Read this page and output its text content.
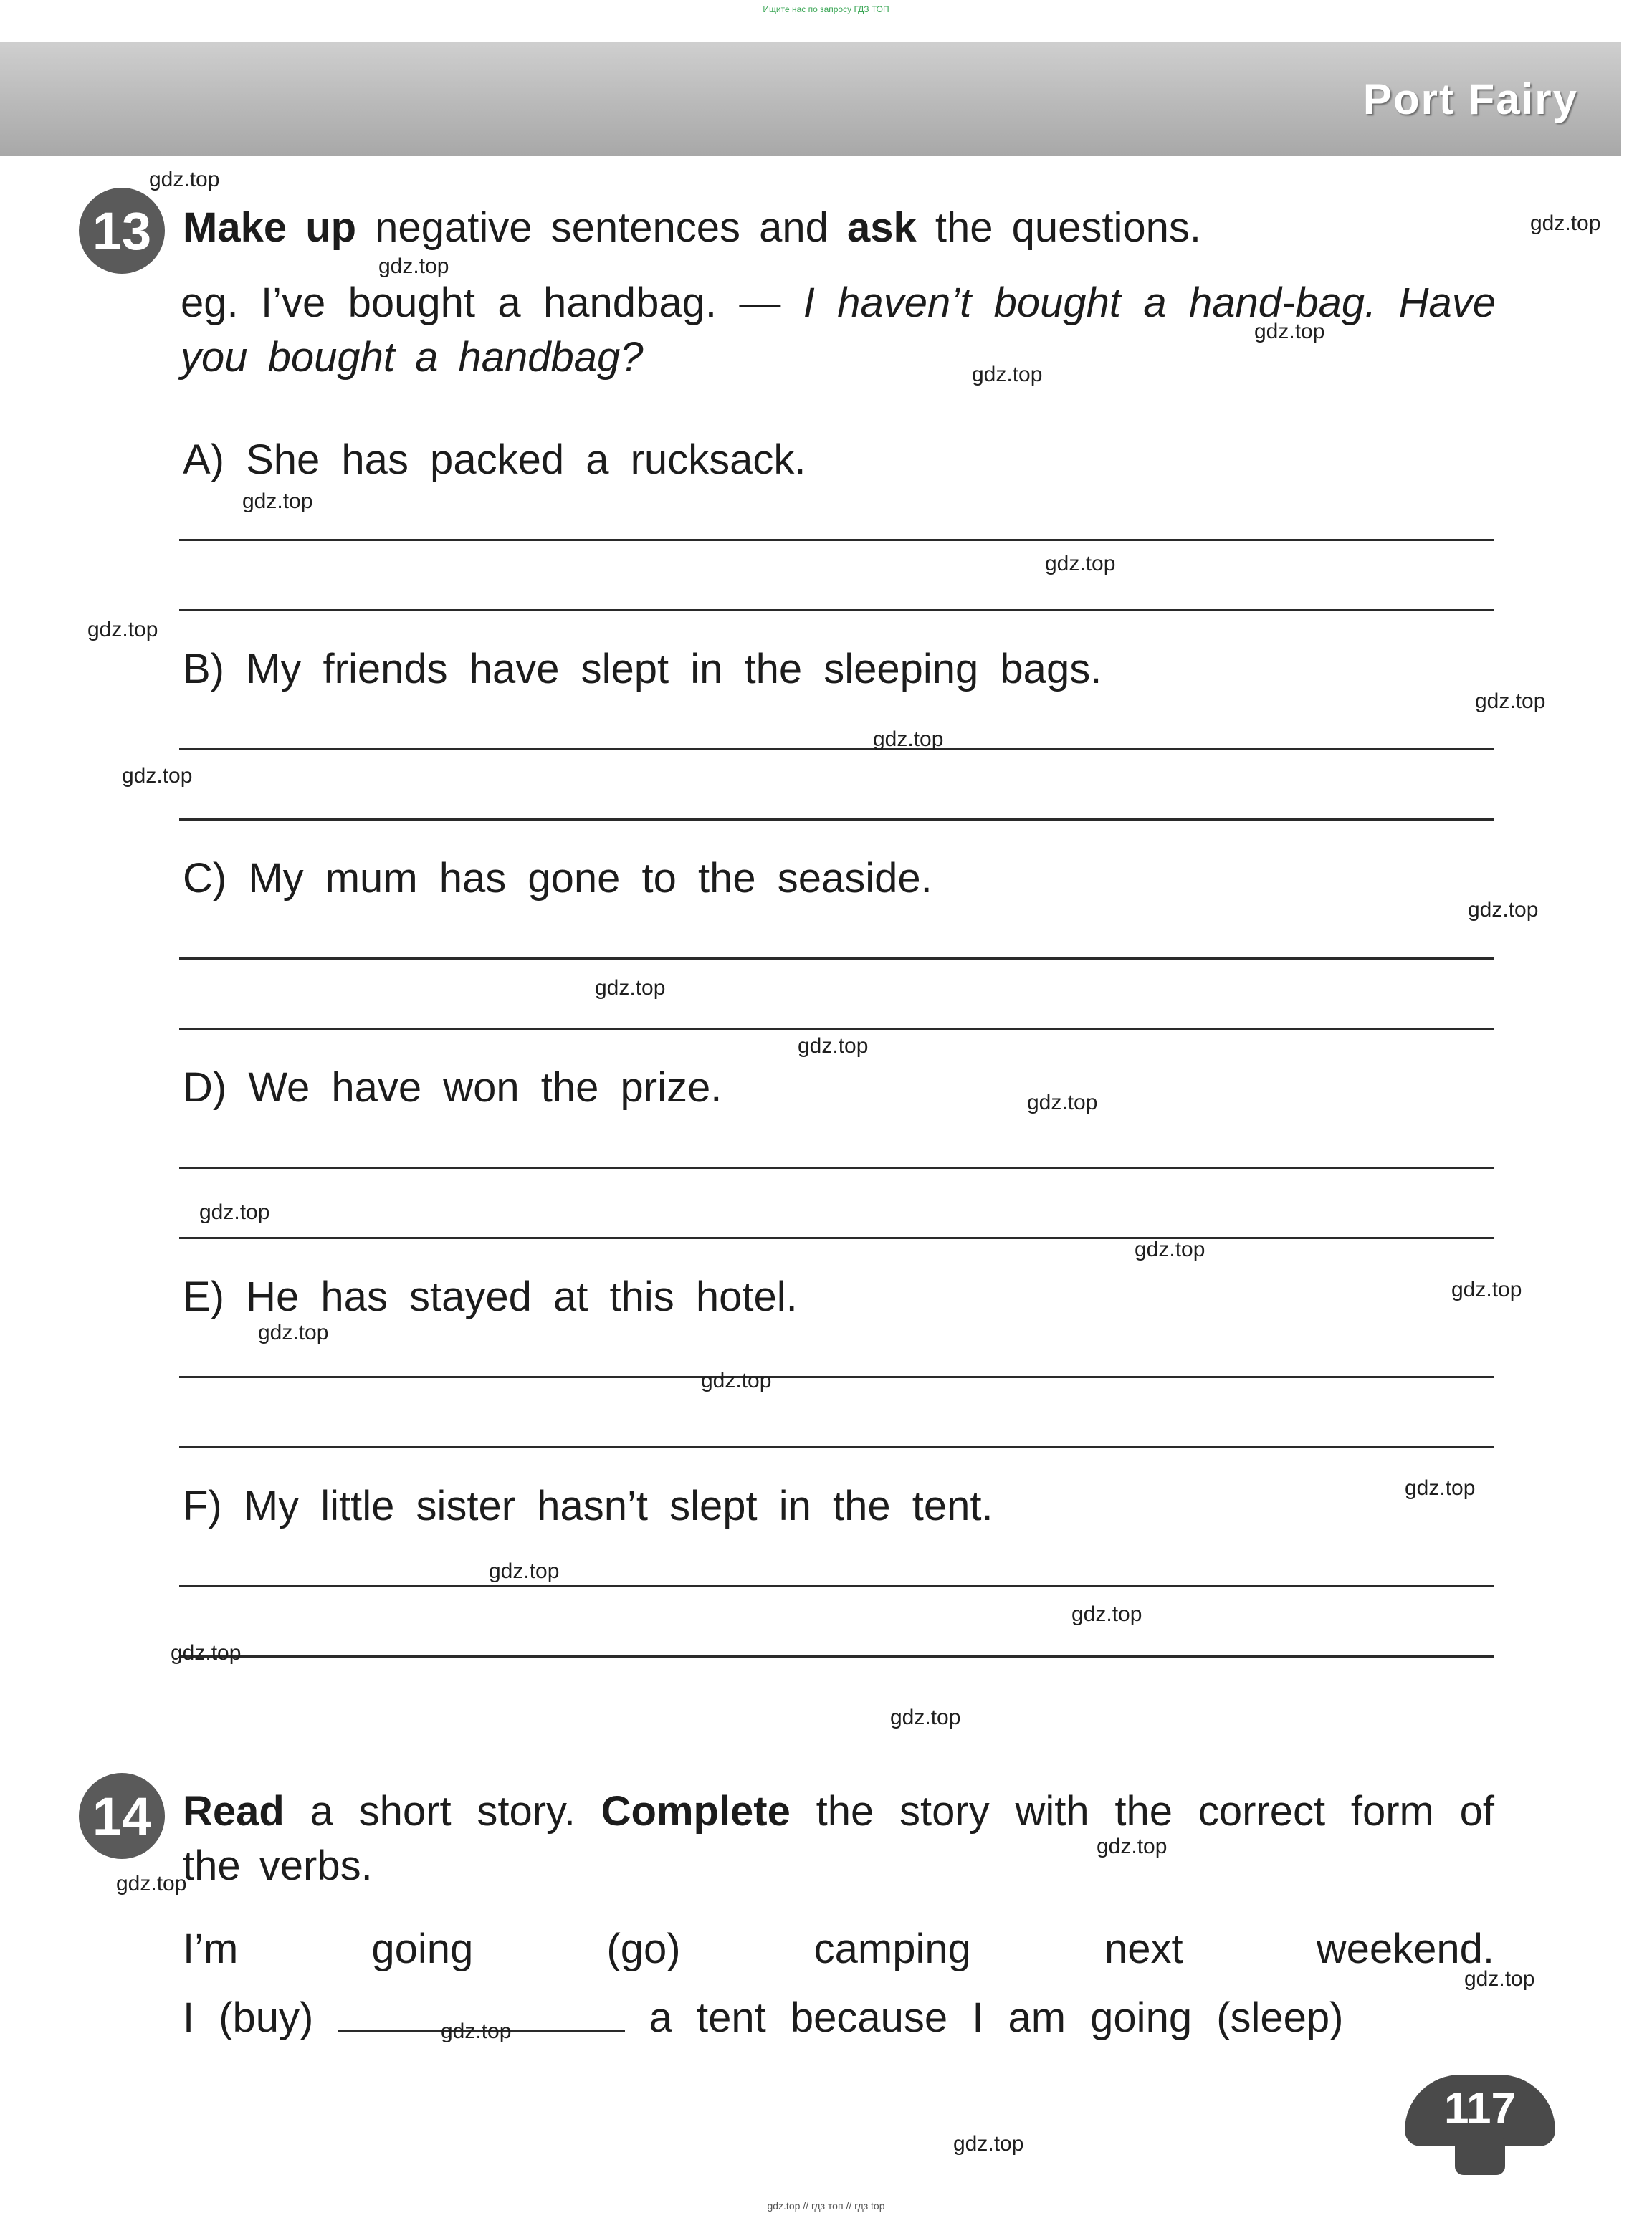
Ищите нас по запросу ГДЗ ТОП
Port Fairy
13 Make up negative sentences and ask the questions.
eg. I’ve bought a handbag. — I haven’t bought a hand-bag. Have you bought a handbag?
A) She has packed a rucksack.
B) My friends have slept in the sleeping bags.
C) My mum has gone to the seaside.
D) We have won the prize.
E) He has stayed at this hotel.
F) My little sister hasn’t slept in the tent.
14 Read a short story. Complete the story with the correct form of the verbs.
I’m going (go) camping next weekend.
I (buy)	a tent because I am going (sleep)
gdz.top
gdz.top
gdz.top
gdz.top
gdz.top
gdz.top
gdz.top
gdz.top
gdz.top
gdz.top
gdz.top
gdz.top
gdz.top
gdz.top
gdz.top
gdz.top
gdz.top
gdz.top
gdz.top
gdz.top
gdz.top
gdz.top
gdz.top
gdz.top
gdz.top
gdz.top
gdz.top
gdz.top
gdz.top
gdz.top
117
gdz.top // гдз топ // гдз top
